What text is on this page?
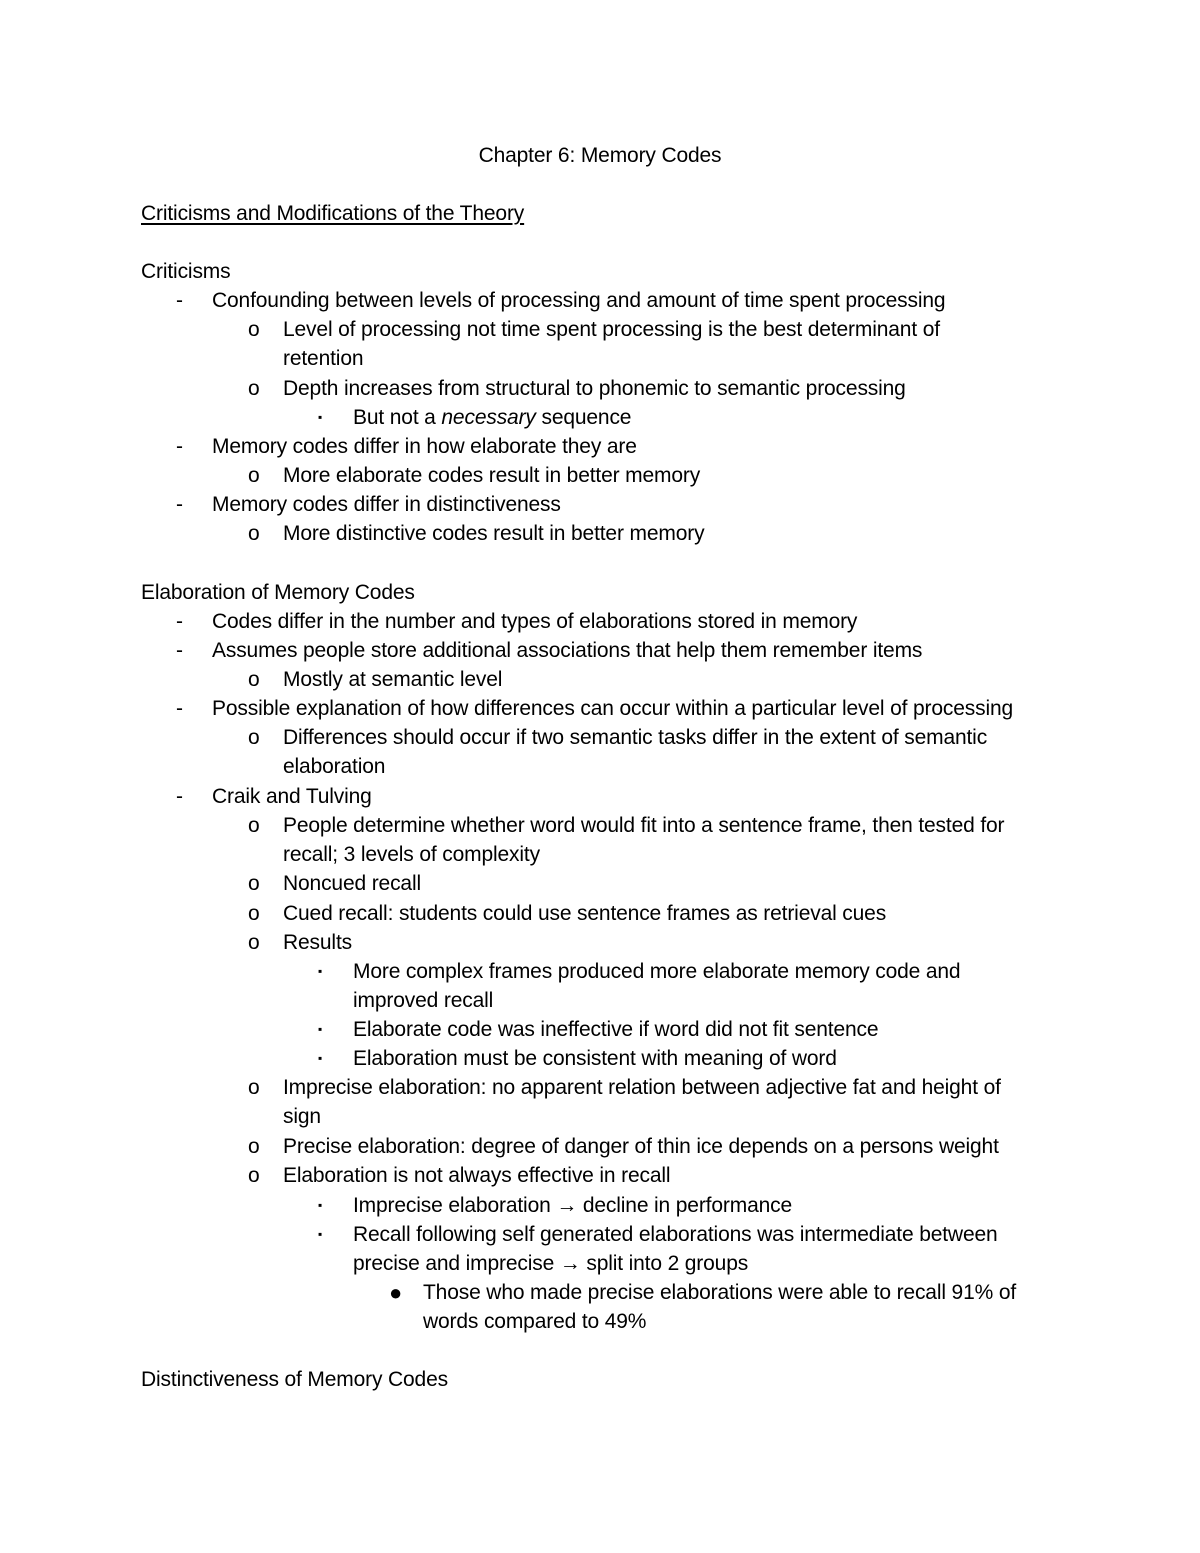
Chapter 6: Memory Codes
Criticisms and Modifications of the Theory
Criticisms
- Confounding between levels of processing and amount of time spent processing
o Level of processing not time spent processing is the best determinant of
retention
o Depth increases from structural to phonemic to semantic processing
▪ But not a necessary sequence
- Memory codes differ in how elaborate they are
o More elaborate codes result in better memory
- Memory codes differ in distinctiveness
o More distinctive codes result in better memory
Elaboration of Memory Codes
- Codes differ in the number and types of elaborations stored in memory
- Assumes people store additional associations that help them remember items
o Mostly at semantic level
- Possible explanation of how differences can occur within a particular level of processing
o Differences should occur if two semantic tasks differ in the extent of semantic
elaboration
- Craik and Tulving
o People determine whether word would fit into a sentence frame, then tested for
recall; 3 levels of complexity
o Noncued recall
o Cued recall: students could use sentence frames as retrieval cues
o Results
▪ More complex frames produced more elaborate memory code and
improved recall
▪ Elaborate code was ineffective if word did not fit sentence
▪ Elaboration must be consistent with meaning of word
o Imprecise elaboration: no apparent relation between adjective fat and height of
sign
o Precise elaboration: degree of danger of thin ice depends on a persons weight
o Elaboration is not always effective in recall
▪ Imprecise elaboration → decline in performance
▪ Recall following self generated elaborations was intermediate between
precise and imprecise → split into 2 groups
● Those who made precise elaborations were able to recall 91% of
words compared to 49%
Distinctiveness of Memory Codes
